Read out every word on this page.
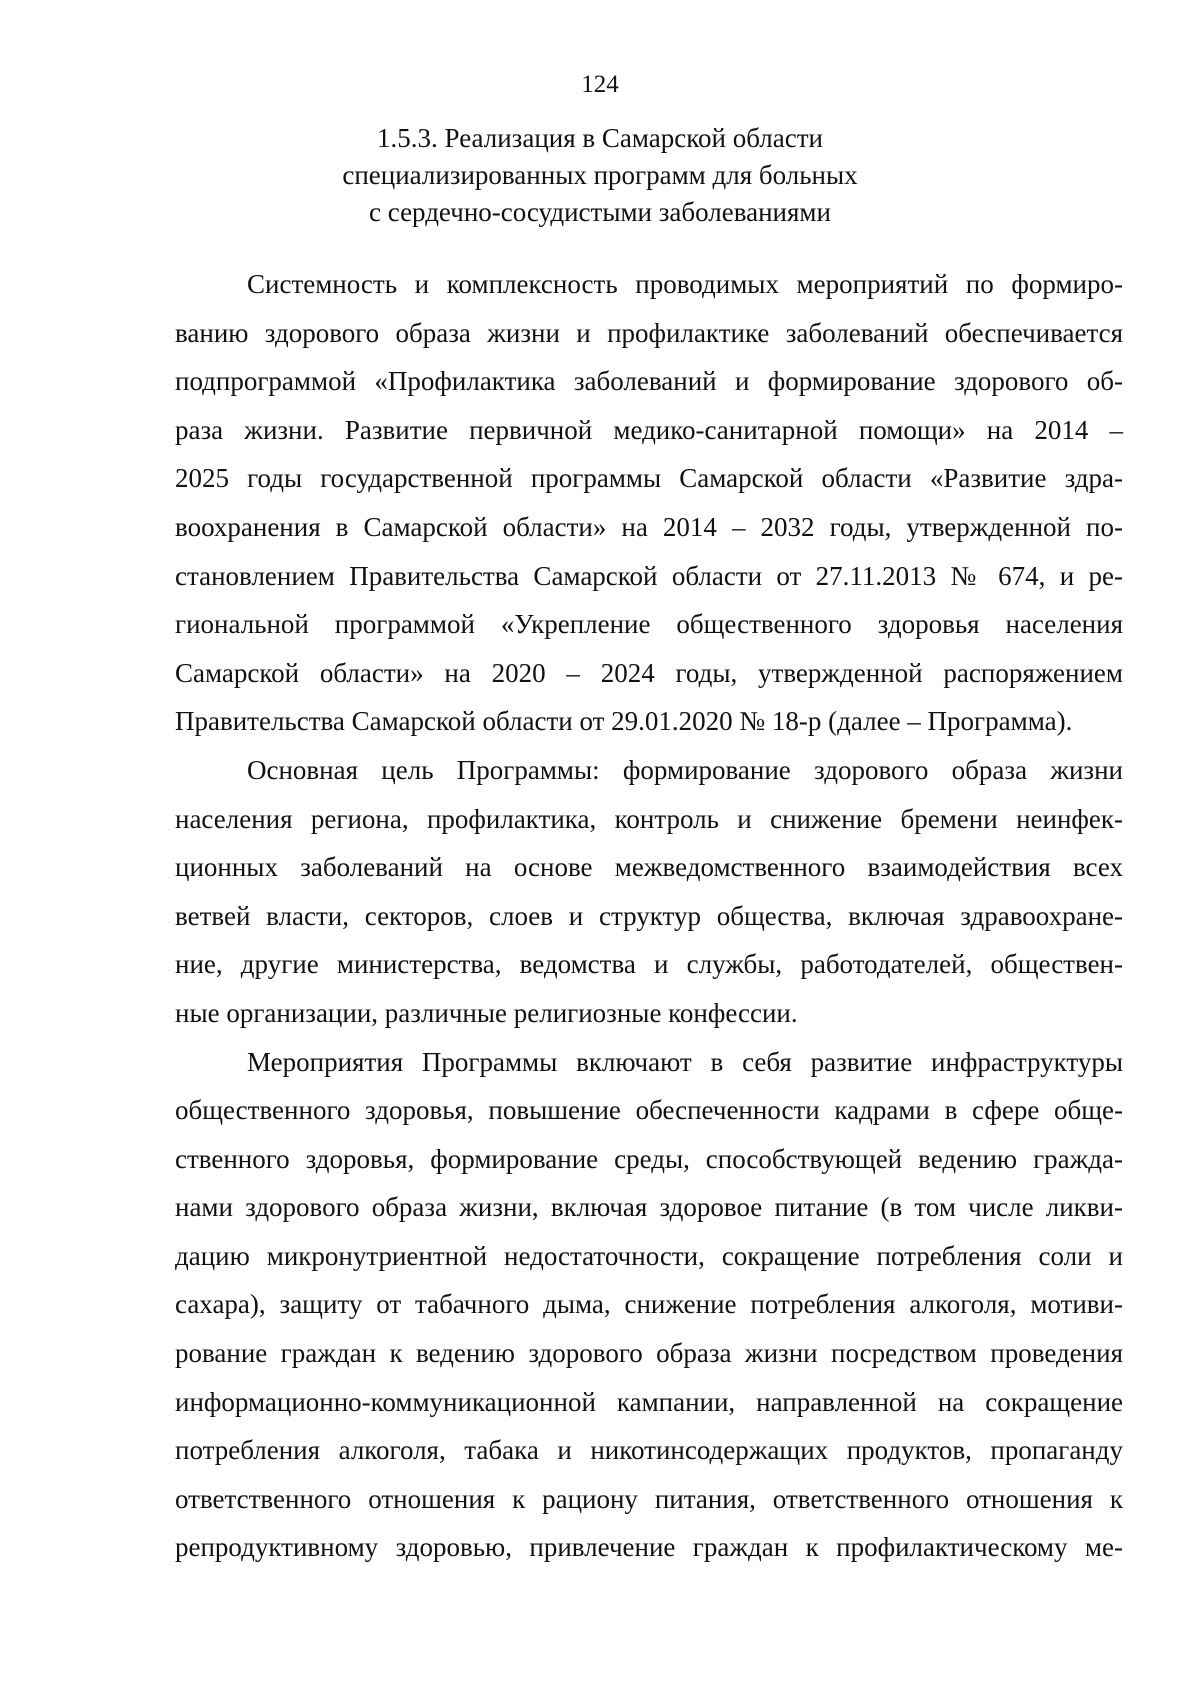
124
1.5.3. Реализация в Самарской области
специализированных программ для больных
с сердечно-сосудистыми заболеваниями

Системность и комплексность проводимых мероприятий по формиро-

ванию здорового образа жизни и профилактике заболеваний обеспечивается

подпрограммой «Профилактика заболеваний и формирование здорового об-

раза жизни. Развитие первичной медико-санитарной помощи» на 2014 –

2025 годы государственной программы Самарской области «Развитие здра-

воохранения в Самарской области» на 2014 – 2032 годы, утвержденной по-

становлением Правительства Самарской области от 27.11.2013 № 674, и ре-

гиональной программой «Укрепление общественного здоровья населения

Самарской области» на 2020 – 2024 годы, утвержденной распоряжением

Правительства Самарской области от 29.01.2020 № 18-р (далее – Программа).

Основная цель Программы: формирование здорового образа жизни

населения региона, профилактика, контроль и снижение бремени неинфек-

ционных заболеваний на основе межведомственного взаимодействия всех

ветвей власти, секторов, слоев и структур общества, включая здравоохране-

ние, другие министерства, ведомства и службы, работодателей, обществен-

ные организации, различные религиозные конфессии.

Мероприятия Программы включают в себя развитие инфраструктуры

общественного здоровья, повышение обеспеченности кадрами в сфере обще-

ственного здоровья, формирование среды, способствующей ведению гражда-

нами здорового образа жизни, включая здоровое питание (в том числе ликви-

дацию микронутриентной недостаточности, сокращение потребления соли и

сахара), защиту от табачного дыма, снижение потребления алкоголя, мотиви-

рование граждан к ведению здорового образа жизни посредством проведения

информационно-коммуникационной кампании, направленной на сокращение

потребления алкоголя, табака и никотинсодержащих продуктов, пропаганду

ответственного отношения к рациону питания, ответственного отношения к

репродуктивному здоровью, привлечение граждан к профилактическому ме-
